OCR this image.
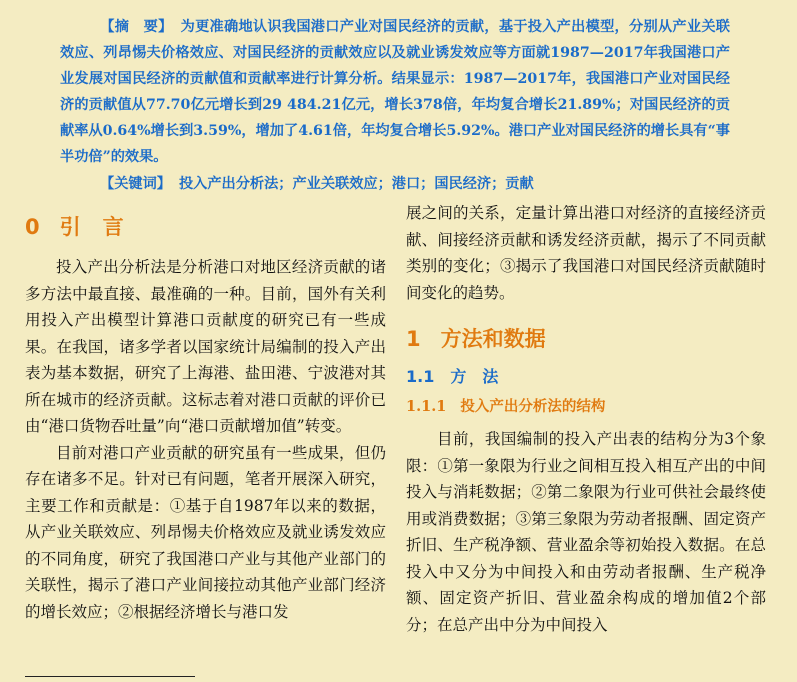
【摘　要】 为更准确地认识我国港口产业对国民经济的贡献，基于投入产出模型，分别从产业关联效应、列昂惕夫价格效应、对国民经济的贡献效应以及就业诱发效应等方面就1987—2017年我国港口产业发展对国民经济的贡献值和贡献率进行计算分析。结果显示：1987—2017年，我国港口产业对国民经济的贡献值从77.70亿元增长到29 484.21亿元，增长378倍，年均复合增长21.89%；对国民经济的贡献率从0.64%增长到3.59%，增加了4.61倍，年均复合增长5.92%。港口产业对国民经济的增长具有“事半功倍”的效果。
【关键词】 投入产出分析法；产业关联效应；港口；国民经济；贡献
0 引言

投入产出分析法是分析港口对地区经济贡献的诸多方法中最直接、最准确的一种。目前，国外有关利用投入产出模型计算港口贡献度的研究已有一些成果。在我国，诸多学者以国家统计局编制的投入产出表为基本数据，研究了上海港、盐田港、宁波港对其所在城市的经济贡献。这标志着对港口贡献的评价已由“港口货物吞吐量”向“港口贡献增加值”转变。

目前对港口产业贡献的研究虽有一些成果，但仍存在诸多不足。针对已有问题，笔者开展深入研究，主要工作和贡献是：①基于自1987年以来的数据，从产业关联效应、列昂惕夫价格效应及就业诱发效应的不同角度，研究了我国港口产业与其他产业部门的关联性，揭示了港口产业间接拉动其他产业部门经济的增长效应；②根据经济增长与港口发

展之间的关系，定量计算出港口对经济的直接经济贡献、间接经济贡献和诱发经济贡献，揭示了不同贡献类别的变化；③揭示了我国港口对国民经济贡献随时间变化的趋势。

1 方法和数据
1.1 方　法
1.1.1 投入产出分析法的结构

目前，我国编制的投入产出表的结构分为3个象限：①第一象限为行业之间相互投入相互产出的中间投入与消耗数据；②第二象限为行业可供社会最终使用或消费数据；③第三象限为劳动者报酬、固定资产折旧、生产税净额、营业盈余等初始投入数据。在总投入中又分为中间投入和由劳动者报酬、生产税净额、固定资产折旧、营业盈余构成的增加值2个部分；在总产出中分为中间投入
